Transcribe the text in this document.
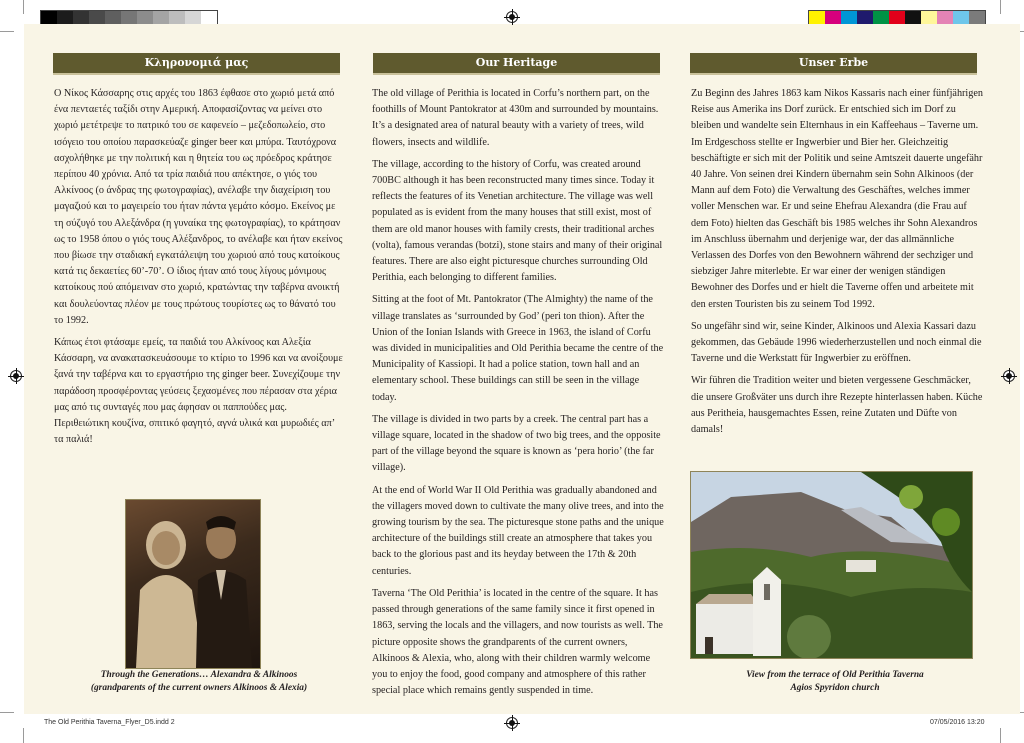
Κληρονομιά μας

Ο Νίκος Κάσσαρης στις αρχές του 1863 έφθασε στο χωριό μετά από ένα πενταετές ταξίδι στην Αμερική. Αποφασίζοντας να μείνει στο χωριό μετέτρεψε το πατρικό του σε καφενείο – μεζεδοπωλείο, στο ισόγειο του οποίου παρασκεύαζε ginger beer και μπύρα. Ταυτόχρονα ασχολήθηκε με την πολιτική και η θητεία του ως πρόεδρος κράτησε περίπου 40 χρόνια. Από τα τρία παιδιά που απέκτησε, ο γιός του Αλκίνοος (ο άνδρας της φωτογραφίας), ανέλαβε την διαχείριση του μαγαζιού και το μαγειρείο του ήταν πάντα γεμάτο κόσμο. Εκείνος με τη σύζυγό του Αλεξάνδρα (η γυναίκα της φωτογραφίας), το κράτησαν ως το 1958 όπου ο γιός τους Αλέξανδρος, το ανέλαβε και ήταν εκείνος που βίωσε την σταδιακή εγκατάλειψη του χωριού από τους κατοίκους κατά τις δεκαετίες 60’-70’. Ο ίδιος ήταν από τους λίγους μόνιμους κατοίκους πού απόμειναν στο χωριό, κρατώντας την ταβέρνα ανοικτή και δουλεύοντας πλέον με τους πρώτους τουρίστες ως το θάνατό του το 1992.

Κάπως έτσι φτάσαμε εμείς, τα παιδιά του Αλκίνοος και Αλεξία Κάσσαρη, να ανακατασκευάσουμε το κτίριο το 1996 και να ανοίξουμε ξανά την ταβέρνα και το εργαστήριο της ginger beer. Συνεχίζουμε την παράδοση προσφέροντας γεύσεις ξεχασμένες που πέρασαν στα χέρια μας από τις συνταγές που μας άφησαν οι παπποὐδες μας. Περιθειώτικη κουζίνα, σπιτικό φαγητό, αγνά υλικά και μυρωδιές απ’ τα παλιά!

Through the Generations… Alexandra & Alkinoos
(grandparents of the current owners Alkinoos & Alexia)
Our Heritage

The old village of Perithia is located in Corfu’s northern part, on the foothills of Mount Pantokrator at 430m and surrounded by mountains. It’s a designated area of natural beauty with a variety of trees, wild flowers, insects and wildlife.

The village, according to the history of Corfu, was created around 700BC although it has been reconstructed many times since. Today it reflects the features of its Venetian architecture. The village was well populated as is evident from the many houses that still exist, most of them are old manor houses with family crests, their traditional arches (volta), famous verandas (botzi), stone stairs and many of their original features. There are also eight picturesque churches surrounding Old Perithia, each belonging to different families.

Sitting at the foot of Mt. Pantokrator (The Almighty) the name of the village translates as ‘surrounded by God’ (peri ton thion). After the Union of the Ionian Islands with Greece in 1963, the island of Corfu was divided in municipalities and Old Perithia became the centre of the Municipality of Kassiopi. It had a police station, town hall and an elementary school. These buildings can still be seen in the village today.

The village is divided in two parts by a creek. The central part has a village square, located in the shadow of two big trees, and the opposite part of the village beyond the square is known as ‘pera horio’ (the far village).

At the end of World War II Old Perithia was gradually abandoned and the villagers moved down to cultivate the many olive trees, and into the growing tourism by the sea. The picturesque stone paths and the unique architecture of the buildings still create an atmosphere that takes you back to the glorious past and its heyday between the 17th & 20th centuries.

Taverna ‘The Old Perithia’ is located in the centre of the square. It has passed through generations of the same family since it first opened in 1863, serving the locals and the villagers, and now tourists as well. The picture opposite shows the grandparents of the current owners, Alkinoos & Alexia, who, along with their children warmly welcome you to enjoy the food, good company and atmosphere of this rather special place which remains gently suspended in time.

Unser Erbe

Zu Beginn des Jahres 1863 kam Nikos Kassaris nach einer fünfjährigen Reise aus Amerika ins Dorf zurück. Er entschied sich im Dorf zu bleiben und wandelte sein Elternhaus in ein Kaffeehaus – Taverne um. Im Erdgeschoss stellte er Ingwerbier und Bier her. Gleichzeitig beschäftigte er sich mit der Politik und seine Amtszeit dauerte ungefähr 40 Jahre. Von seinen drei Kindern übernahm sein Sohn Alkinoos (der Mann auf dem Foto) die Verwaltung des Geschäftes, welches immer voller Menschen war. Er und seine Ehefrau Alexandra (die Frau auf dem Foto) hielten das Geschäft bis 1985 welches ihr Sohn Alexandros im Anschluss übernahm und derjenige war, der das allmännliche Verlassen des Dorfes von den Bewohnern während der sechziger und siebziger Jahre miterlebte. Er war einer der wenigen ständigen Bewohner des Dorfes und er hielt die Taverne offen und arbeitete mit den ersten Touristen bis zu seinem Tod 1992.

So ungefähr sind wir, seine Kinder, Alkinoos und Alexia Kassari dazu gekommen, das Gebäude 1996 wiederherzustellen und noch einmal die Taverne und die Werkstatt für Ingwerbier zu eröffnen.

Wir führen die Tradition weiter und bieten vergessene Geschmäcker, die unsere Großväter uns durch ihre Rezepte hinterlassen haben. Küche aus Peritheia, hausgemachtes Essen, reine Zutaten und Düfte von damals!

View from the terrace of Old Perithia Taverna
Agios Spyridon church
The Old Perithia Taverna_Flyer_D5.indd 2	07/05/2016 13:20
